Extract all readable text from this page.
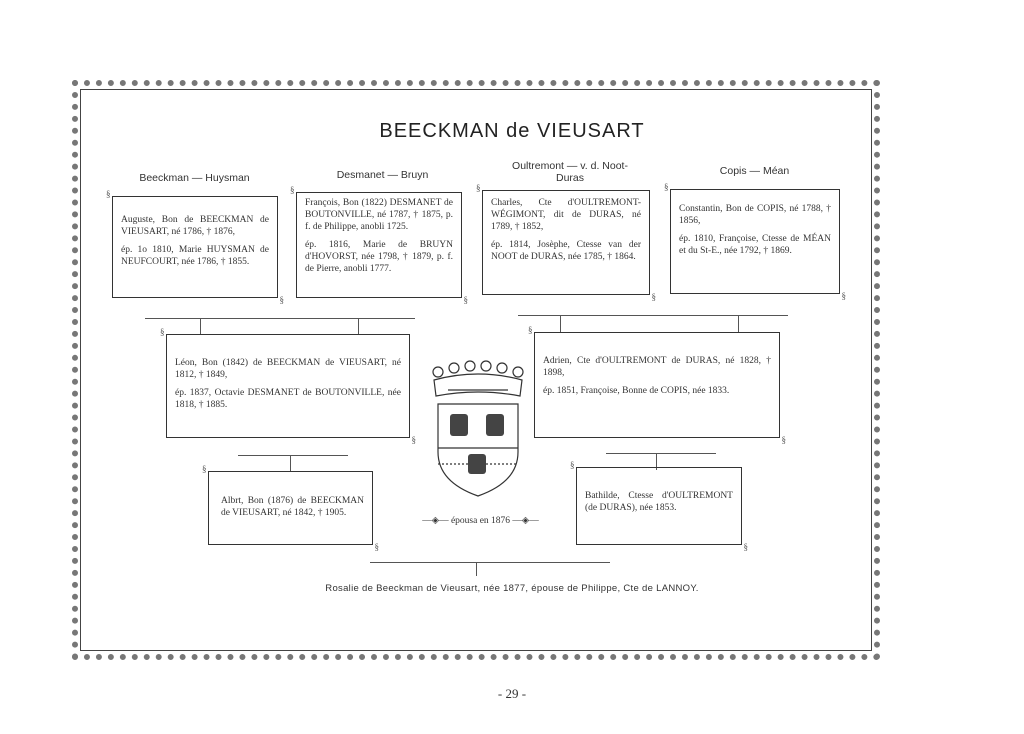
BEECKMAN de VIEUSART
Beeckman — Huysman	Desmanet — Bruyn
Oultremont — v. d. Noot-Duras
Copis — Méan

§ Auguste, Bon de BEECKMAN de VIEUSART, né 1786, † 1876,

ép. 1o 1810, Marie HUYSMAN de NEUFCOURT, née 1786, † 1855.

§

§ François, Bon (1822) DESMANET de BOUTONVILLE, né 1787, † 1875, p. f. de Philippe, anobli 1725.

ép. 1816, Marie de BRUYN d'HOVORST, née 1798, † 1879, p. f. de Pierre, anobli 1777.

§

§ Charles, Cte d'OULTREMONT-WÉGIMONT, dit de DURAS, né 1789, † 1852,

ép. 1814, Josèphe, Ctesse van der NOOT de DURAS, née 1785, † 1864.

§

§ Constantin, Bon de COPIS, né 1788, † 1856,

ép. 1810, Françoise, Ctesse de MÉAN et du St-E., née 1792, † 1869.

§

§ Léon, Bon (1842) de BEECKMAN de VIEUSART, né 1812, † 1849,

ép. 1837, Octavie DESMANET de BOUTONVILLE, née 1818, † 1885.

§

§ Adrien, Cte d'OULTREMONT de DURAS, né 1828, † 1898,

ép. 1851, Françoise, Bonne de COPIS, née 1833.

§

§ Albrt, Bon (1876) de BEECKMAN de VIEUSART, né 1842, † 1905.

§

§ Bathilde, Ctesse d'OULTREMONT (de DURAS), née 1853.

§
—◈— épousa en 1876 —◈—
Rosalie de Beeckman de Vieusart, née 1877, épouse de Philippe, Cte de LANNOY.
- 29 -
